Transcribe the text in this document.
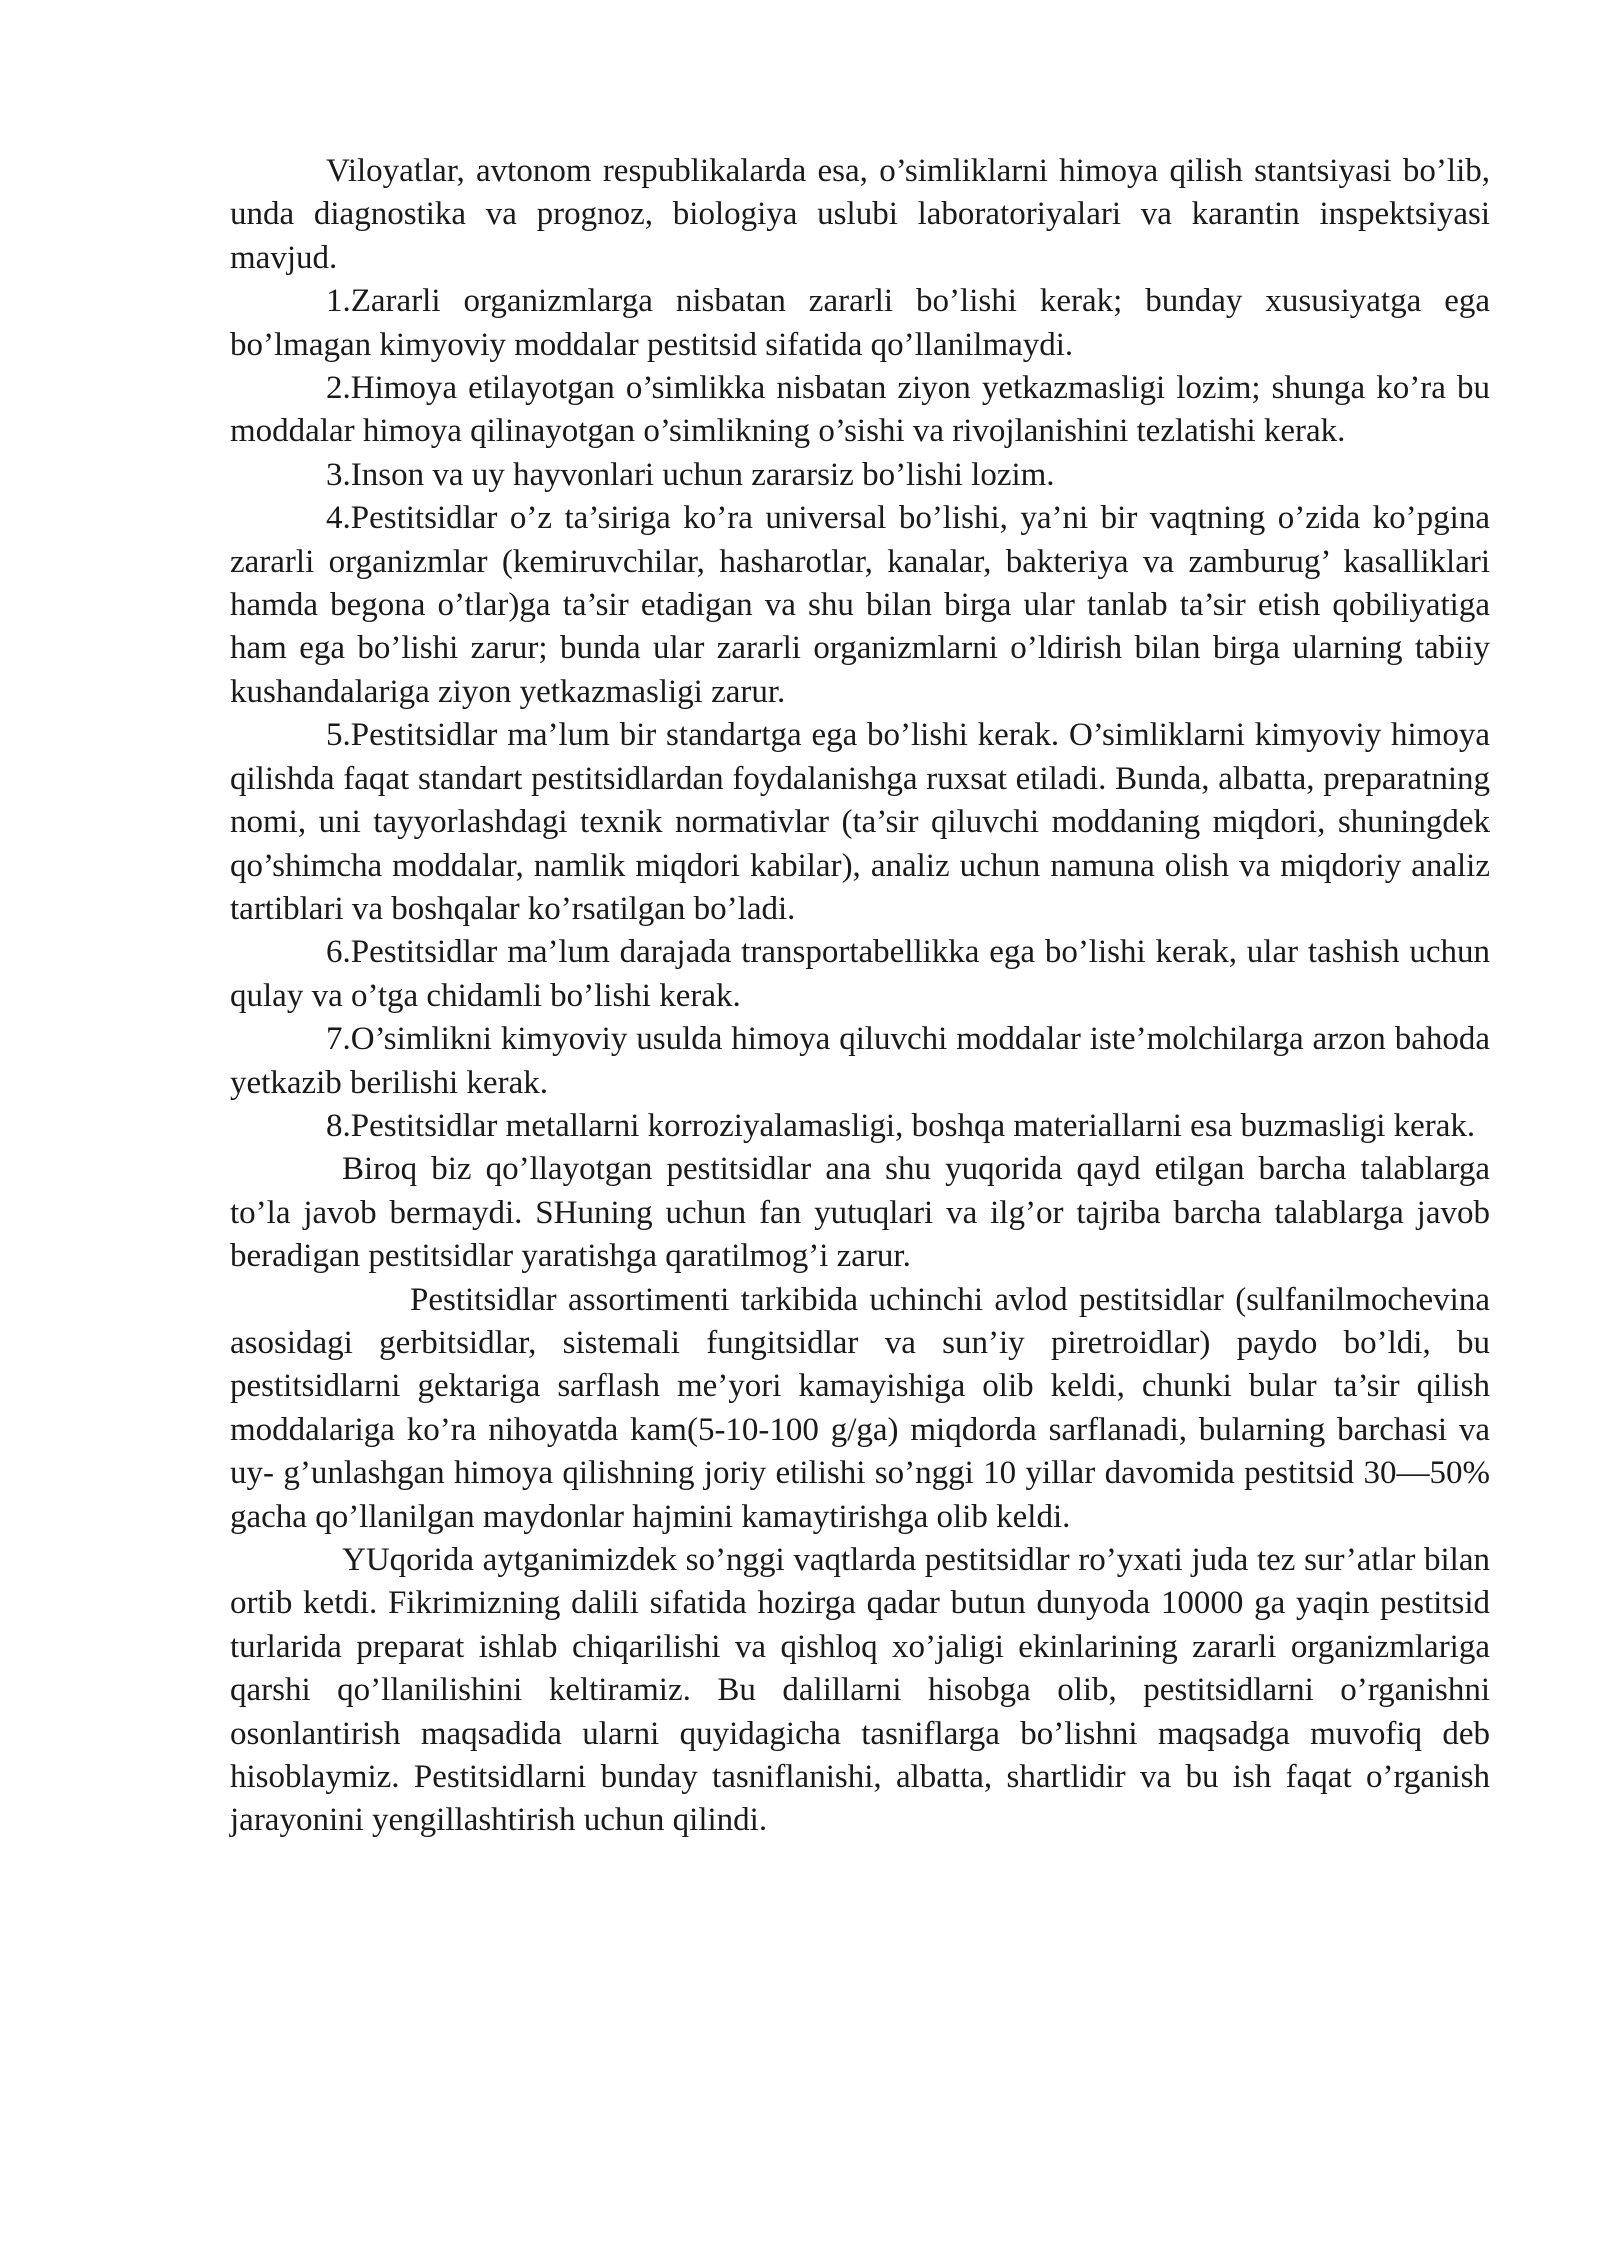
Viloyatlar, avtonom respublikalarda esa, o’simliklarni himoya qilish stantsiyasi bo’lib, unda diagnostika va prognoz, biologiya uslubi laboratoriyalari va karantin inspektsiyasi mavjud.

1.Zararli organizmlarga nisbatan zararli bo’lishi kerak; bunday xususiyatga ega bo’lmagan kimyoviy moddalar pestitsid sifatida qo’llanilmaydi.

2.Himoya etilayotgan o’simlikka nisbatan ziyon yetkazmasligi lozim; shunga ko’ra bu moddalar himoya qilinayotgan o’simlikning o’sishi va rivojlanishini tezlatishi kerak.

3.Inson va uy hayvonlari uchun zararsiz bo’lishi lozim.

4.Pestitsidlar o’z ta’siriga ko’ra universal bo’lishi, ya’ni bir vaqtning o’zida ko’pgina zararli organizmlar (kemiruvchilar, hasharotlar, kanalar, bakteriya va zamburug’ kasalliklari hamda begona o’tlar)ga ta’sir etadigan va shu bilan birga ular tanlab ta’sir etish qobiliyatiga ham ega bo’lishi zarur; bunda ular zararli organizmlarni o’ldirish bilan birga ularning tabiiy kushandalariga ziyon yetkazmasligi zarur.

5.Pestitsidlar ma’lum bir standartga ega bo’lishi kerak. O’simliklarni kimyoviy himoya qilishda faqat standart pestitsidlardan foydalanishga ruxsat etiladi. Bunda, albatta, preparatning nomi, uni tayyorlashdagi texnik normativlar (ta’sir qiluvchi moddaning miqdori, shuningdek qo’shimcha moddalar, namlik miqdori kabilar), analiz uchun namuna olish va miqdoriy analiz tartiblari va boshqalar ko’rsatilgan bo’ladi.

6.Pestitsidlar ma’lum darajada transportabellikka ega bo’lishi kerak, ular tashish uchun qulay va o’tga chidamli bo’lishi kerak.

7.O’simlikni kimyoviy usulda himoya qiluvchi moddalar iste’molchilarga arzon bahoda yetkazib berilishi kerak.

8.Pestitsidlar metallarni korroziyalamasligi, boshqa materiallarni esa buzmasligi kerak.

Biroq biz qo’llayotgan pestitsidlar ana shu yuqorida qayd etilgan barcha talablarga to’la javob bermaydi. SHuning uchun fan yutuqlari va ilg’or tajriba barcha talablarga javob beradigan pestitsidlar yaratishga qaratilmog’i zarur.

Pestitsidlar assortimenti tarkibida uchinchi avlod pestitsidlar (sulfanilmochevina asosidagi gerbitsidlar, sistemali fungitsidlar va sun’iy piretroidlar) paydo bo’ldi, bu pestitsidlarni gektariga sarflash me’yori kamayishiga olib keldi, chunki bular ta’sir qilish moddalariga ko’ra nihoyatda kam(5-10-100 g/ga) miqdorda sarflanadi, bularning barchasi va uy- g’unlashgan himoya qilishning joriy etilishi so’nggi 10 yillar davomida pestitsid 30—50% gacha qo’llanilgan maydonlar hajmini kamaytirishga olib keldi.

YUqorida aytganimizdek so’nggi vaqtlarda pestitsidlar ro’yxati juda tez sur’atlar bilan ortib ketdi. Fikrimizning dalili sifatida hozirga qadar butun dunyoda 10000 ga yaqin pestitsid turlarida preparat ishlab chiqarilishi va qishloq xo’jaligi ekinlarining zararli organizmlariga qarshi qo’llanilishini keltiramiz. Bu dalillarni hisobga olib, pestitsidlarni o’rganishni osonlantirish maqsadida ularni quyidagicha tasniflarga bo’lishni maqsadga muvofiq deb hisoblaymiz. Pestitsidlarni bunday tasniflanishi, albatta, shartlidir va bu ish faqat o’rganish jarayonini yengillashtirish uchun qilindi.
